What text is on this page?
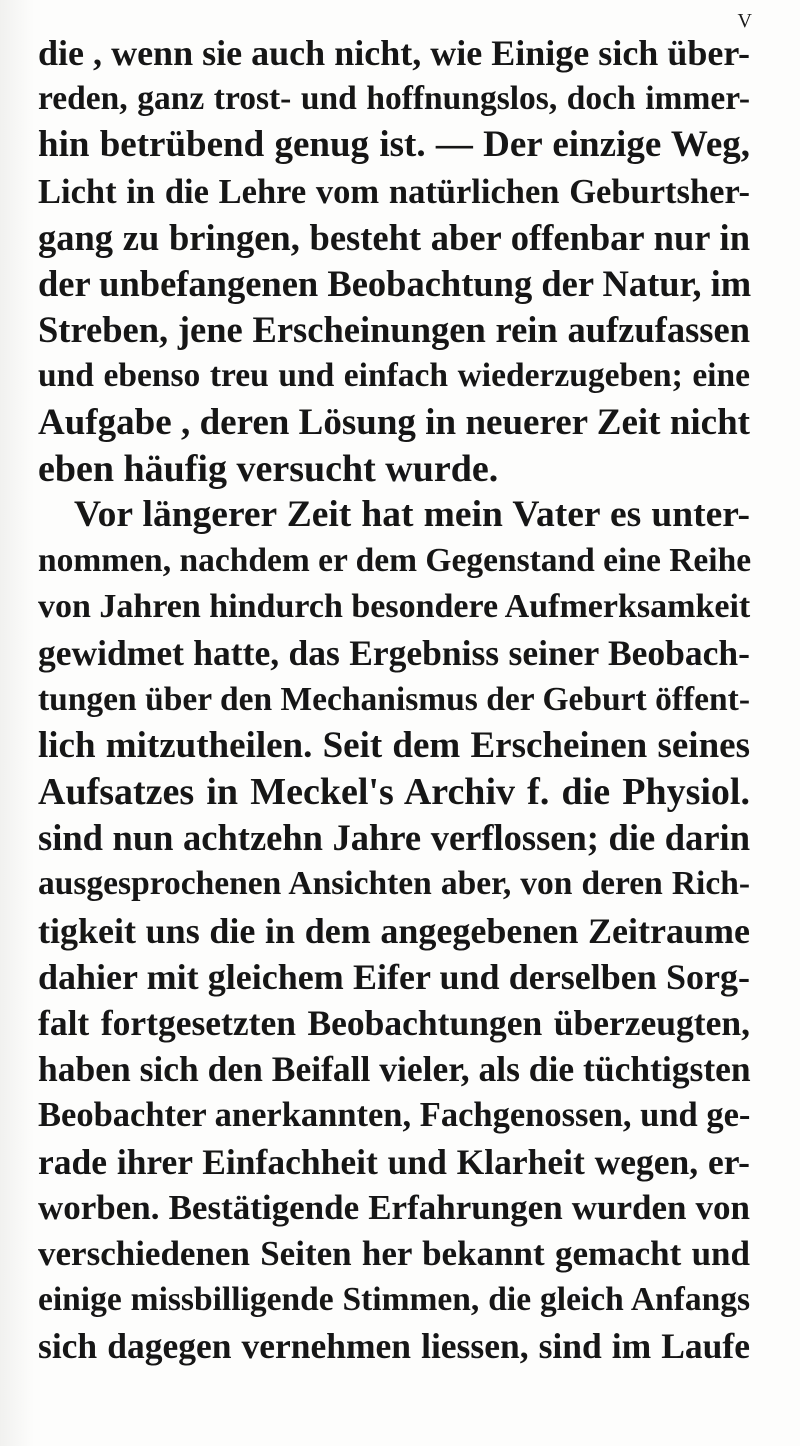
V
die , wenn sie auch nicht, wie Einige sich über-
reden, ganz trost- und hoffnungslos, doch immer-
hin betrübend genug ist. — Der einzige Weg,
Licht in die Lehre vom natürlichen Geburtsher-
gang zu bringen, besteht aber offenbar nur in
der unbefangenen Beobachtung der Natur, im
Streben, jene Erscheinungen rein aufzufassen
und ebenso treu und einfach wiederzugeben; eine
Aufgabe , deren Lösung in neuerer Zeit nicht
eben häufig versucht wurde.
Vor längerer Zeit hat mein Vater es unter-
nommen, nachdem er dem Gegenstand eine Reihe
von Jahren hindurch besondere Aufmerksamkeit
gewidmet hatte, das Ergebniss seiner Beobach-
tungen über den Mechanismus der Geburt öffent-
lich mitzutheilen. Seit dem Erscheinen seines
Aufsatzes in Meckel's Archiv f. die Physiol.
sind nun achtzehn Jahre verflossen; die darin
ausgesprochenen Ansichten aber, von deren Rich-
tigkeit uns die in dem angegebenen Zeitraume
dahier mit gleichem Eifer und derselben Sorg-
falt fortgesetzten Beobachtungen überzeugten,
haben sich den Beifall vieler, als die tüchtigsten
Beobachter anerkannten, Fachgenossen, und ge-
rade ihrer Einfachheit und Klarheit wegen, er-
worben. Bestätigende Erfahrungen wurden von
verschiedenen Seiten her bekannt gemacht und
einige missbilligende Stimmen, die gleich Anfangs
sich dagegen vernehmen liessen, sind im Laufe
